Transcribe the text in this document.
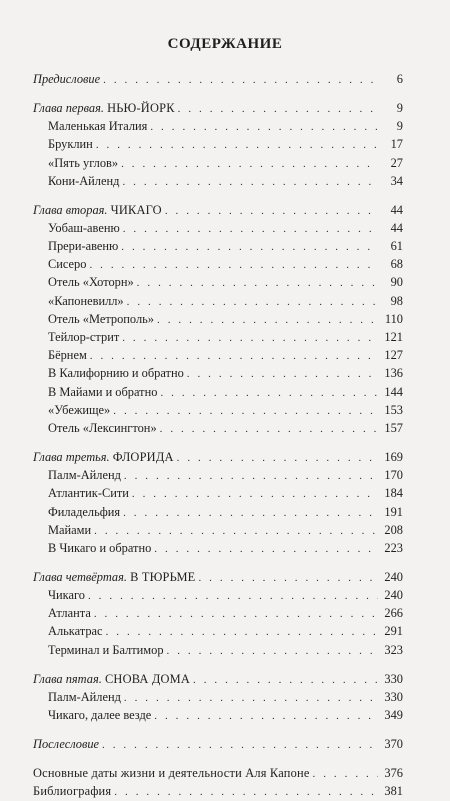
СОДЕРЖАНИЕ
Предисловие . . .	6
Глава первая. НЬЮ-ЙОРК . . .	9
Маленькая Италия . . .	9
Бруклин . . .	17
«Пять углов» . . .	27
Кони-Айленд . . .	34
Глава вторая. ЧИКАГО . . .	44
Уобаш-авеню . . .	44
Прери-авеню . . .	61
Сисеро . . .	68
Отель «Хоторн» . . .	90
«Капоневилл» . . .	98
Отель «Метрополь» . . .	110
Тейлор-стрит . . .	121
Бёрнем . . .	127
В Калифорнию и обратно . . .	136
В Майами и обратно . . .	144
«Убежище» . . .	153
Отель «Лексингтон» . . .	157
Глава третья. ФЛОРИДА . . .	169
Палм-Айленд . . .	170
Атлантик-Сити . . .	184
Филадельфия . . .	191
Майами . . .	208
В Чикаго и обратно . . .	223
Глава четвёртая. В ТЮРЬМЕ . . .	240
Чикаго . . .	240
Атланта . . .	266
Алькатрас . . .	291
Терминал и Балтимор . . .	323
Глава пятая. СНОВА ДОМА . . .	330
Палм-Айленд . . .	330
Чикаго, далее везде . . .	349
Послесловие . . .	370
Основные даты жизни и деятельности Аля Капоне . . .	376
Библиография . . .	381
